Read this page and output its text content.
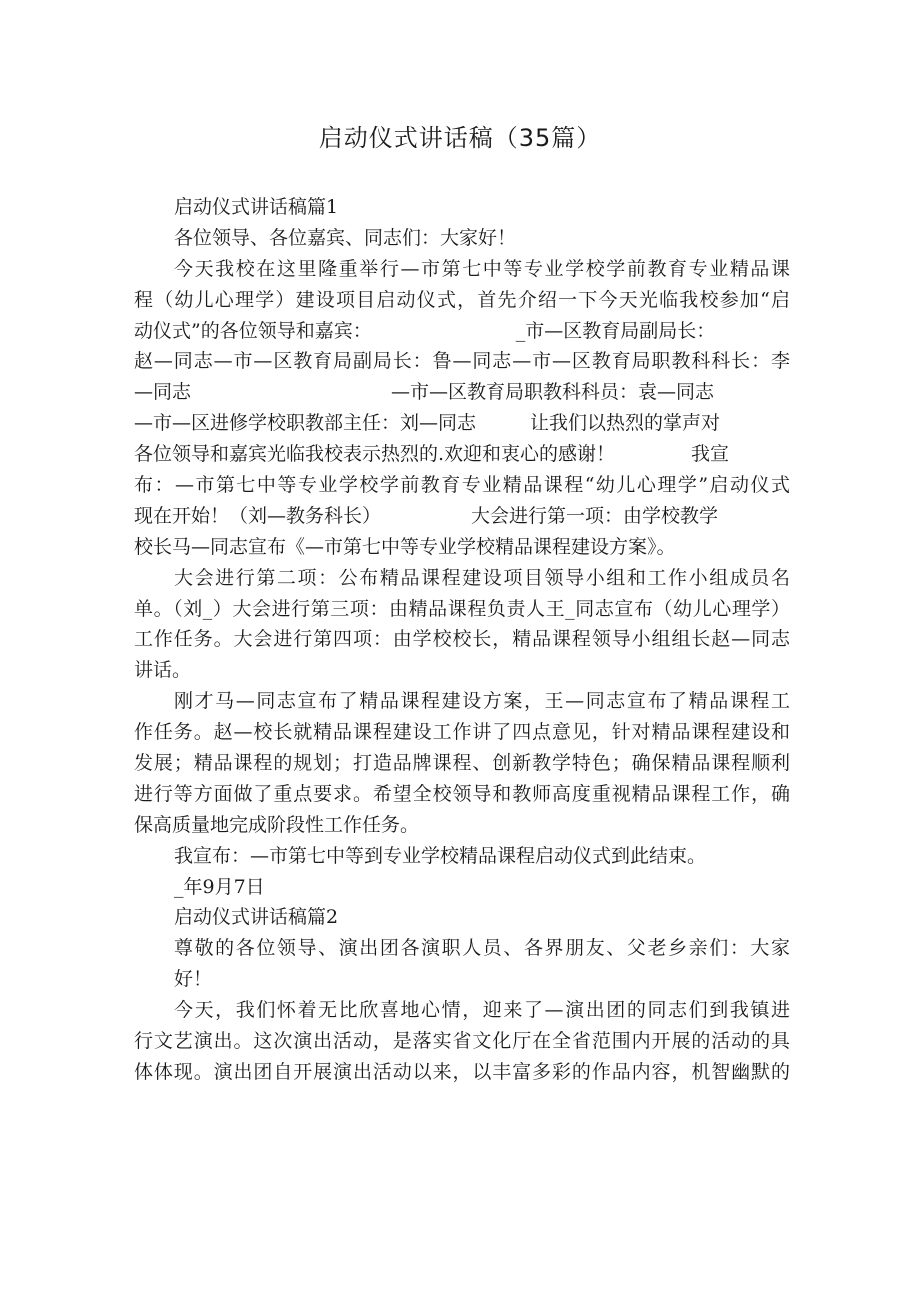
启动仪式讲话稿（35篇）

启动仪式讲话稿篇1

各位领导、各位嘉宾、同志们：大家好！

今天我校在这里隆重举行—市第七中等专业学校学前教育专业精品课

程（幼儿心理学）建设项目启动仪式，首先介绍一下今天光临我校参加“启

动仪式”的各位领导和嘉宾：	_市—区教育局副局长：

赵—同志—市—区教育局副局长：鲁—同志—市—区教育局职教科科长：李

—同志	—市—区教育局职教科科员：袁—同志

—市—区进修学校职教部主任：刘—同志	让我们以热烈的掌声对

各位领导和嘉宾光临我校表示热烈的.欢迎和衷心的感谢！	我宣

布：—市第七中等专业学校学前教育专业精品课程“幼儿心理学”启动仪式

现在开始！（刘—教务科长）	大会进行第一项：由学校教学

校长马—同志宣布《—市第七中等专业学校精品课程建设方案》。

大会进行第二项：公布精品课程建设项目领导小组和工作小组成员名

单。（刘_）大会进行第三项：由精品课程负责人王_同志宣布（幼儿心理学）

工作任务。大会进行第四项：由学校校长，精品课程领导小组组长赵—同志

讲话。

刚才马—同志宣布了精品课程建设方案，王—同志宣布了精品课程工

作任务。赵—校长就精品课程建设工作讲了四点意见，针对精品课程建设和

发展；精品课程的规划；打造品牌课程、创新教学特色；确保精品课程顺利

进行等方面做了重点要求。希望全校领导和教师高度重视精品课程工作，确

保高质量地完成阶段性工作任务。

我宣布：—市第七中等到专业学校精品课程启动仪式到此结束。

_年9月7日

启动仪式讲话稿篇2

尊敬的各位领导、演出团各演职人员、各界朋友、父老乡亲们：大家

好！

今天，我们怀着无比欣喜地心情，迎来了—演出团的同志们到我镇进

行文艺演出。这次演出活动，是落实省文化厅在全省范围内开展的活动的具

体体现。演出团自开展演出活动以来，以丰富多彩的作品内容，机智幽默的
